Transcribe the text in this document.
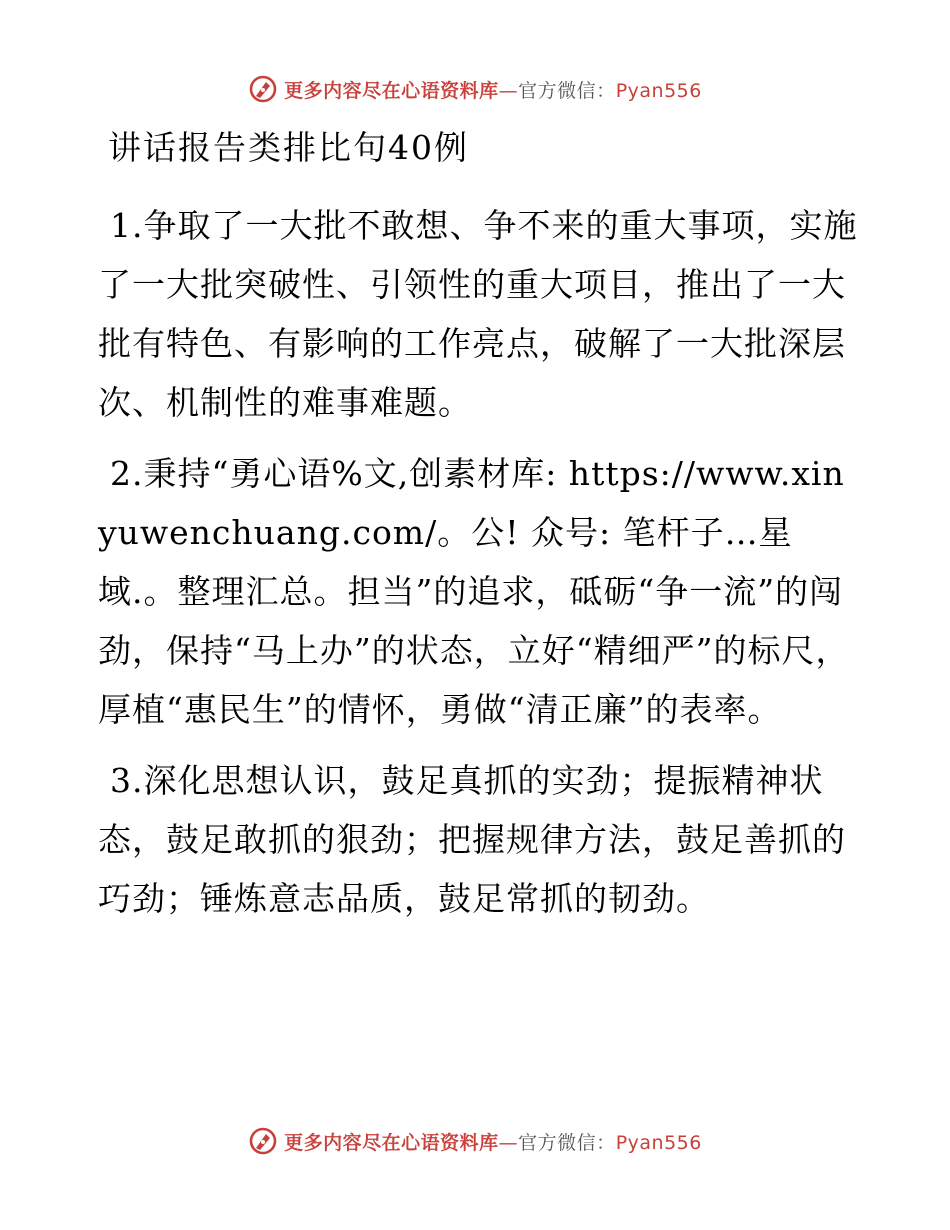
更多内容尽在心语资料库—官方微信：Pyan556
讲话报告类排比句40例

1.争取了一大批不敢想、争不来的重大事项，实施了一大批突破性、引领性的重大项目，推出了一大批有特色、有影响的工作亮点，破解了一大批深层次、机制性的难事难题。

2.秉持“勇心语%文,创素材库: https://www.xinyuwenchuang.com/。公! 众号: 笔杆子…星域.。整理汇总。担当”的追求，砥砺“争一流”的闯劲，保持“马上办”的状态，立好“精细严”的标尺，厚植“惠民生”的情怀，勇做“清正廉”的表率。

3.深化思想认识，鼓足真抓的实劲；提振精神状态，鼓足敢抓的狠劲；把握规律方法，鼓足善抓的巧劲；锤炼意志品质，鼓足常抓的韧劲。

更多内容尽在心语资料库—官方微信：Pyan556
